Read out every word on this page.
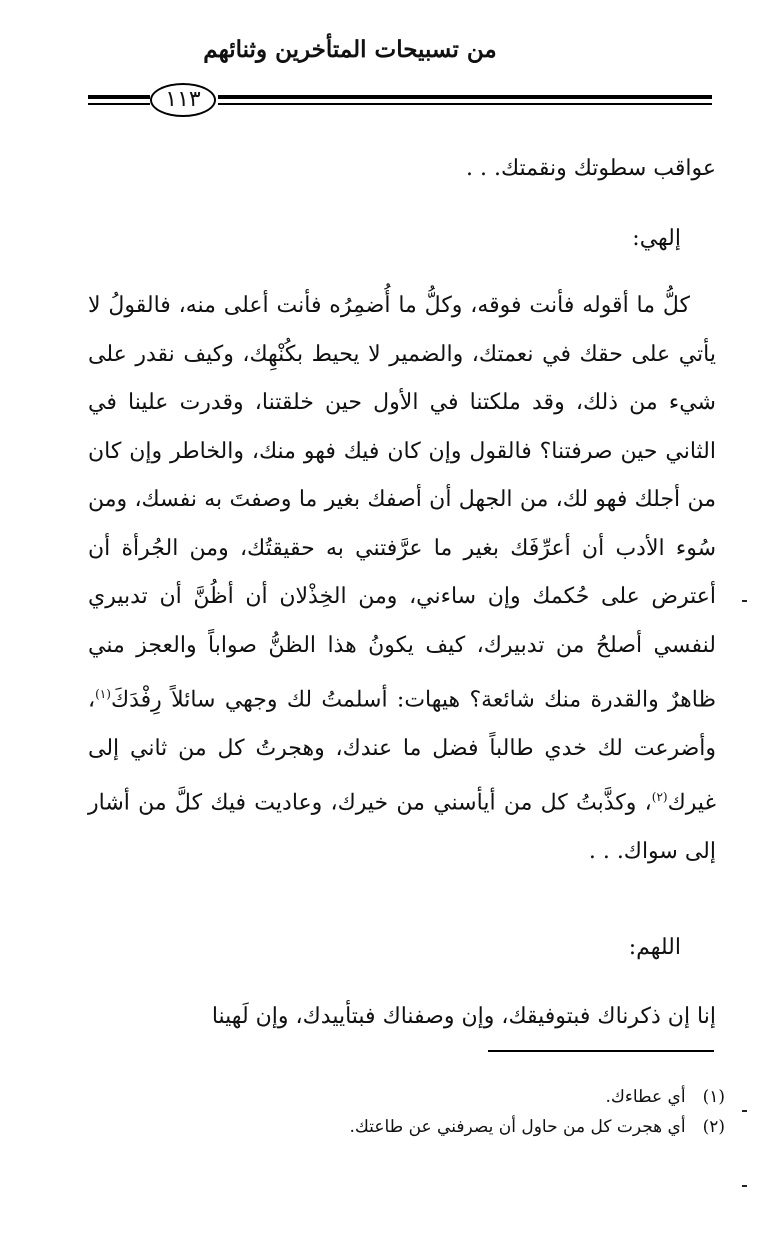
من تسبيحات المتأخرين وثنائهم
١١٣

عواقب سطوتك ونقمتك. . .

إلهي:

كلُّ ما أقوله فأنت فوقه، وكلُّ ما أُضمِرُه فأنت أعلى منه، فالقولُ لا يأتي على حقك في نعمتك، والضمير لا يحيط بكُنْهِك، وكيف نقدر على شيء من ذلك، وقد ملكتنا في الأول حين خلقتنا، وقدرت علينا في الثاني حين صرفتنا؟ فالقول وإن كان فيك فهو منك، والخاطر وإن كان من أجلك فهو لك، من الجهل أن أصفك بغير ما وصفتَ به نفسك، ومن سُوء الأدب أن أعرِّفَك بغير ما عرَّفتني به حقيقتُك، ومن الجُرأة أن أعترض على حُكمك وإن ساءني، ومن الخِذْلان أن أظُنَّ أن تدبيري لنفسي أصلحُ من تدبيرك، كيف يكونُ هذا الظنُّ صواباً والعجز مني ظاهرٌ والقدرة منك شائعة؟ هيهات: أسلمتُ لك وجهي سائلاً رِفْدَكَ$^{(١)}$، وأضرعت لك خدي طالباً فضل ما عندك، وهجرتُ كل من ثاني إلى غيرك$^{(٢)}$، وكذَّبتُ كل من أيأسني من خيرك، وعاديت فيك كلَّ من أشار إلى سواك. . .

اللهم:

إنا إن ذكرناك فبتوفيقك، وإن وصفناك فبتأييدك، وإن لَهينا

(١) أي عطاءك.
(٢) أي هجرت كل من حاول أن يصرفني عن طاعتك.
